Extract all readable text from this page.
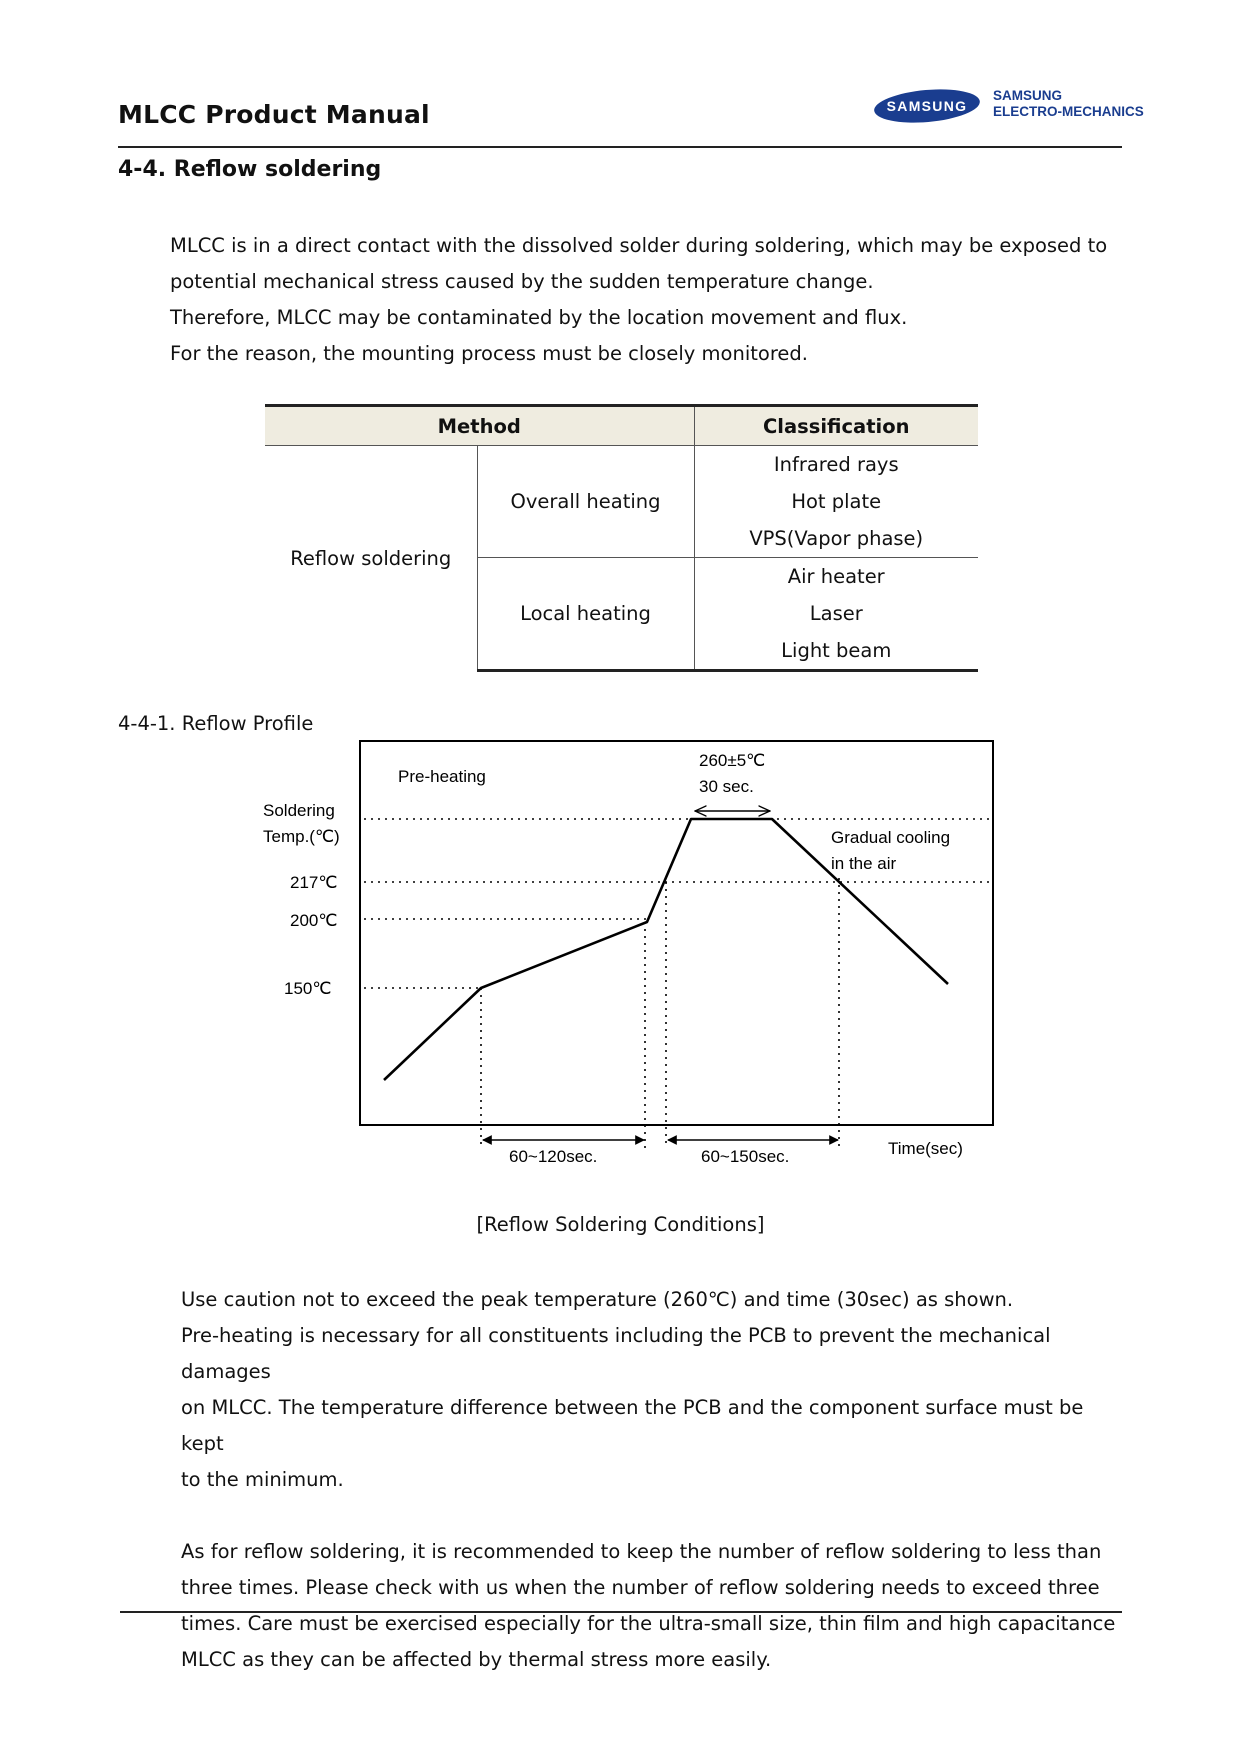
MLCC Product Manual	SAMSUNG
SAMSUNG
ELECTRO-MECHANICS
4-4. Reflow soldering

MLCC is in a direct contact with the dissolved solder during soldering, which may be exposed to

potential mechanical stress caused by the sudden temperature change.

Therefore, MLCC may be contaminated by the location movement and flux.

For the reason, the mounting process must be closely monitored.

Method		Classification
Reflow soldering	Overall heating	Infrared rays
Hot plate
VPS(Vapor phase)

	Local heating	Air heater
Laser
Light beam
4-4-1. Reflow Profile
Soldering
Temp.(℃)
217℃
200℃
150℃
Pre-heating
260±5℃
30 sec.
Gradual cooling
in the air
60~120sec.	60~150sec.	Time(sec)
[Reflow Soldering Conditions]

Use caution not to exceed the peak temperature (260℃) and time (30sec) as shown.

Pre-heating is necessary for all constituents including the PCB to prevent the mechanical damages

on MLCC. The temperature difference between the PCB and the component surface must be kept

to the minimum.

As for reflow soldering, it is recommended to keep the number of reflow soldering to less than

three times. Please check with us when the number of reflow soldering needs to exceed three

times. Care must be exercised especially for the ultra-small size, thin film and high capacitance

MLCC as they can be affected by thermal stress more easily.
